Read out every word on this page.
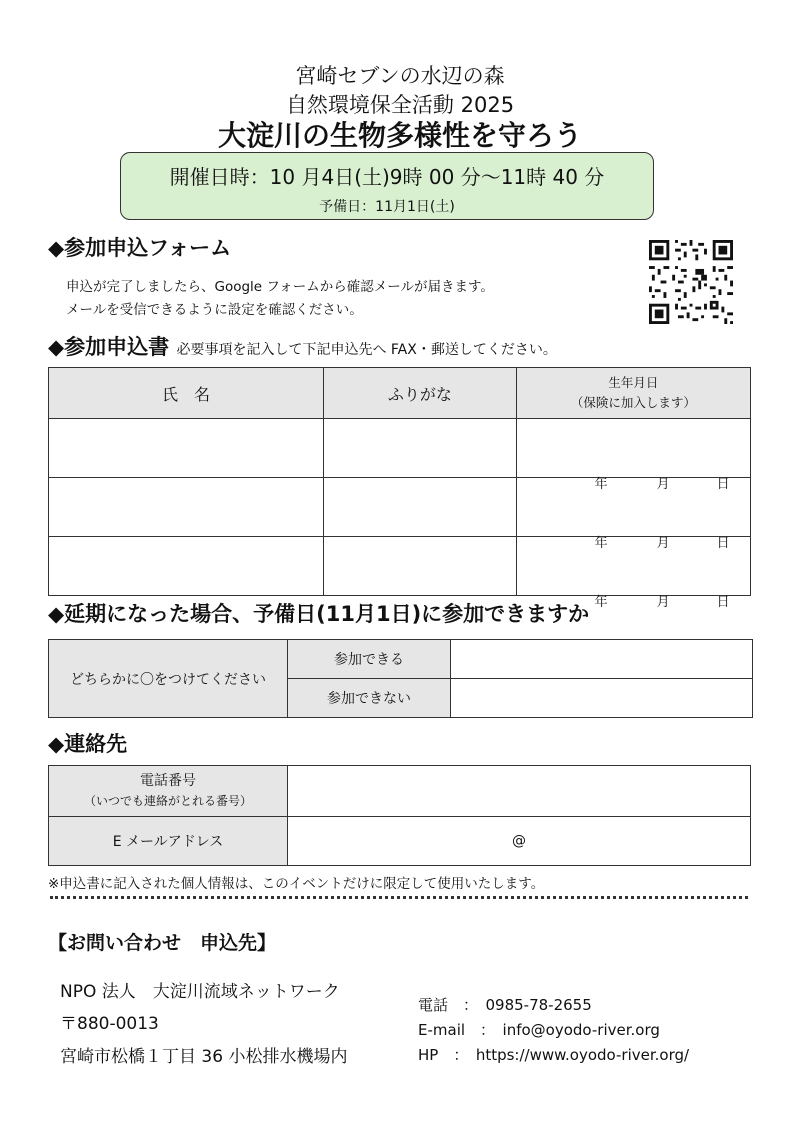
宮崎セブンの水辺の森
自然環境保全活動 2025
大淀川の生物多様性を守ろう
開催日時：10 月4日(土)9時 00 分～11時 40 分
予備日：11月1日(土)
◆参加申込フォーム
申込が完了しましたら、Google フォームから確認メールが届きます。
メールを受信できるように設定を確認ください。
◆参加申込書 必要事項を記入して下記申込先へ FAX・郵送してください。
氏　名	ふりがな	生年月日
（保険に加入します）

		年 月 日

		年 月 日

		年 月 日
◆延期になった場合、予備日(11月1日)に参加できますか
どちらかに〇をつけてください	参加できる	
	参加できない	
◆連絡先
電話番号
（いつでも連絡がとれる番号）	

E メールアドレス	@
※申込書に記入された個人情報は、このイベントだけに限定して使用いたします。
【お問い合わせ　申込先】
NPO 法人　大淀川流域ネットワーク
〒880-0013
宮崎市松橋１丁目 36 小松排水機場内
電話　：　0985-78-2655
E-mail　：　info@oyodo-river.org
HP　：　https://www.oyodo-river.org/
